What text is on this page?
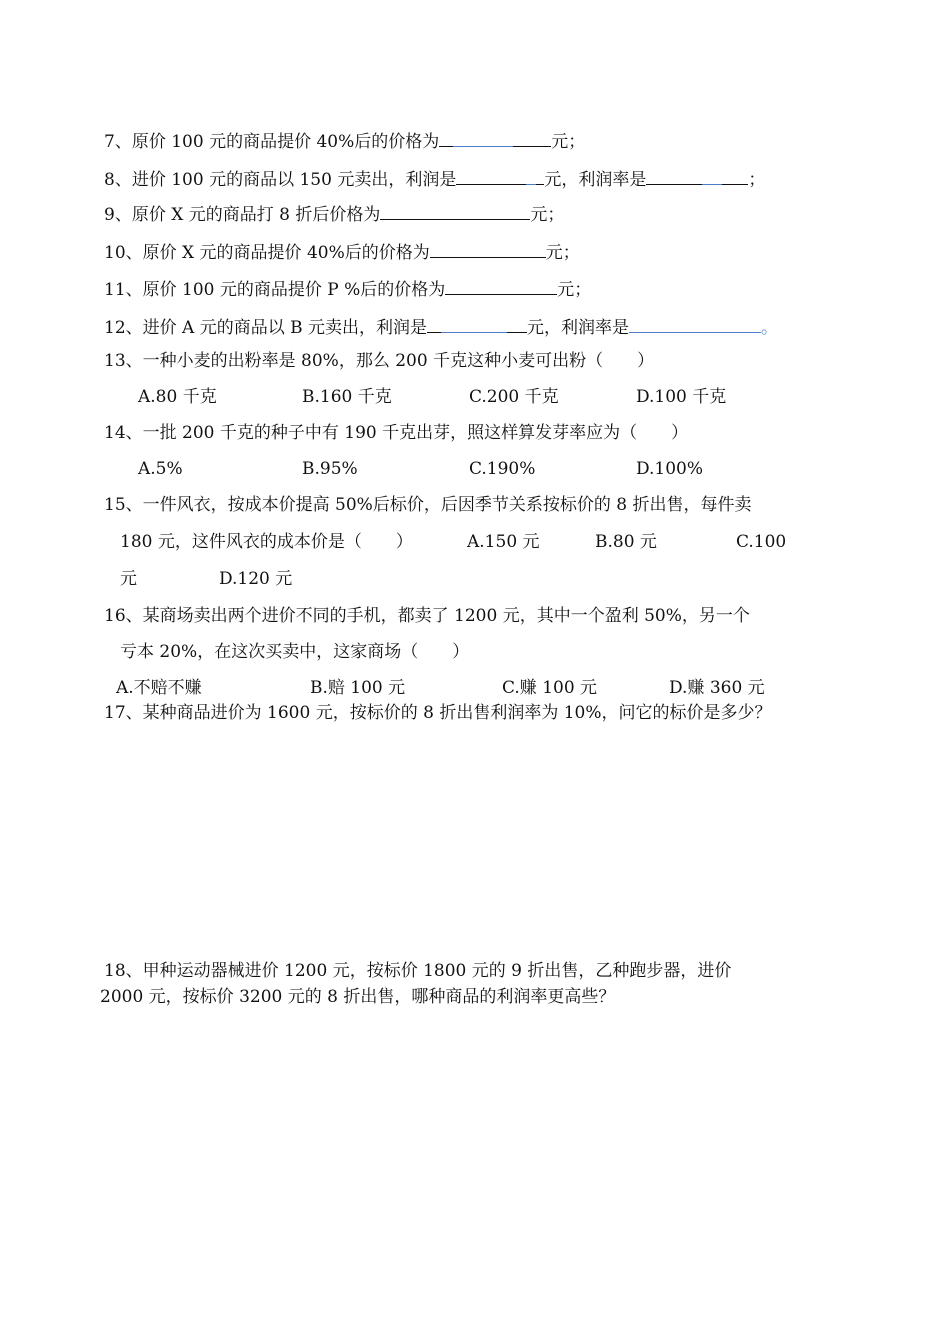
7、原价 100 元的商品提价 40%后的价格为	元；
8、进价 100 元的商品以 150 元卖出，利润是	元，利润率是	；
9、原价 X 元的商品打 8 折后价格为	元；
10、原价 X 元的商品提价 40%后的价格为	元；
11、原价 100 元的商品提价 P %后的价格为	元；
12、进价 A 元的商品以 B 元卖出，利润是	元，利润率是	。
13、一种小麦的出粉率是 80%，那么 200 千克这种小麦可出粉（　　）
A.80 千克	B.160 千克	C.200 千克	D.100 千克
14、一批 200 千克的种子中有 190 千克出芽，照这样算发芽率应为（　　）
A.5%	B.95%	C.190%	D.100%
15、一件风衣，按成本价提高 50%后标价，后因季节关系按标价的 8 折出售，每件卖
180 元，这件风衣的成本价是（　　）	A.150 元	B.80 元	C.100
元	D.120 元
16、某商场卖出两个进价不同的手机，都卖了 1200 元，其中一个盈利 50%，另一个
亏本 20%，在这次买卖中，这家商场（　　）
A.不赔不赚	B.赔 100 元	C.赚 100 元	D.赚 360 元
17、某种商品进价为 1600 元，按标价的 8 折出售利润率为 10%，问它的标价是多少？
18、甲种运动器械进价 1200 元，按标价 1800 元的 9 折出售，乙种跑步器，进价
2000 元，按标价 3200 元的 8 折出售，哪种商品的利润率更高些？
